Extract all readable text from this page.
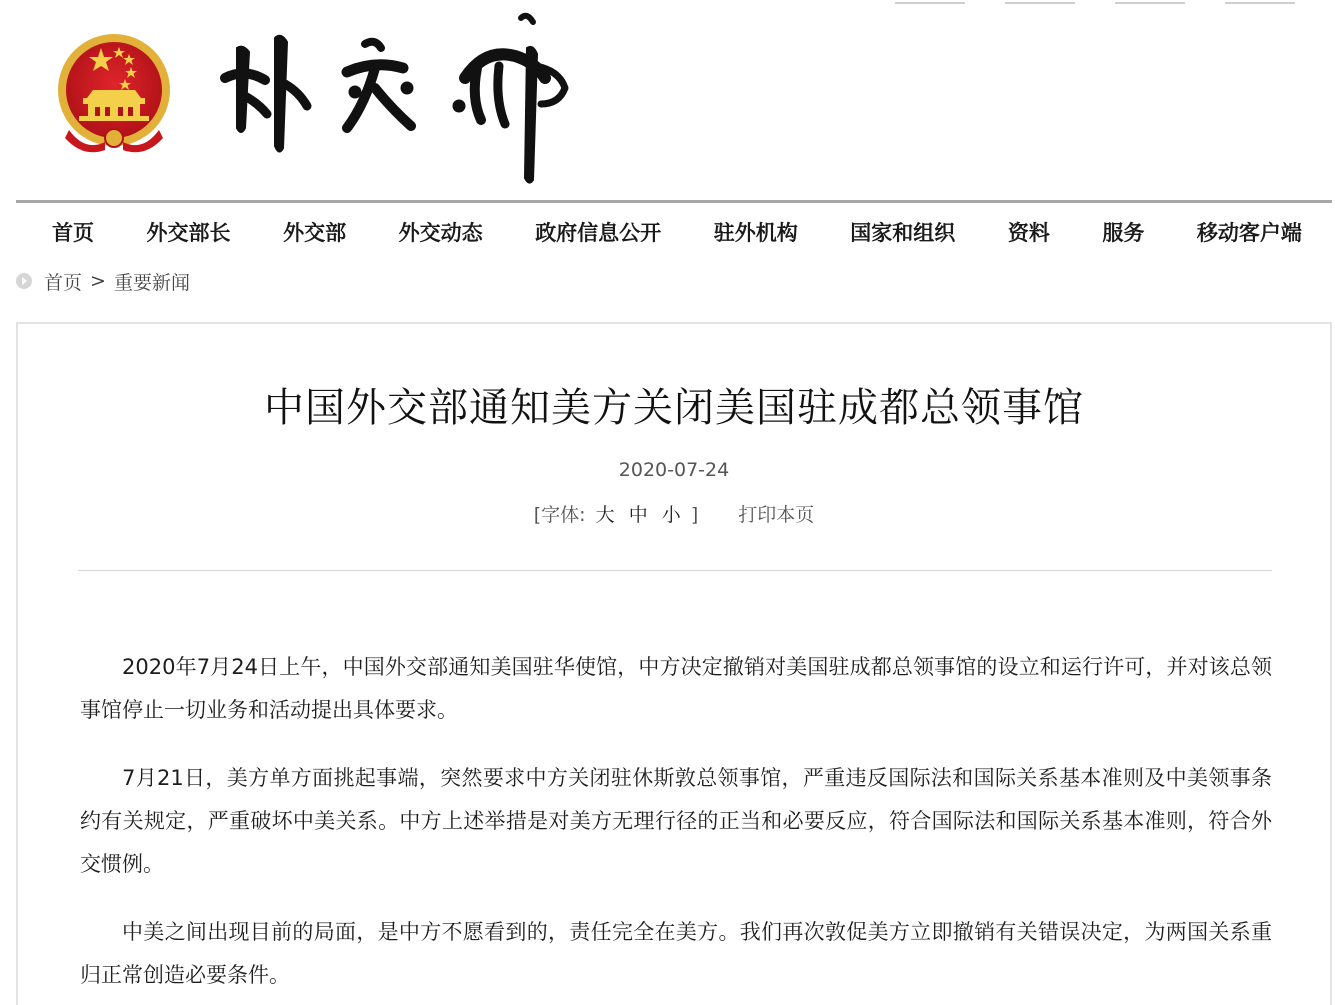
首页	外交部长	外交部	外交动态	政府信息公开	驻外机构	国家和组织	资料	服务	移动客户端
首页 > 重要新闻
中国外交部通知美方关闭美国驻成都总领事馆
2020-07-24
[字体: 大 中 小 ] 打印本页

2020年7月24日上午，中国外交部通知美国驻华使馆，中方决定撤销对美国驻成都总领事馆的设立和运行许可，并对该总领事馆停止一切业务和活动提出具体要求。

7月21日，美方单方面挑起事端，突然要求中方关闭驻休斯敦总领事馆，严重违反国际法和国际关系基本准则及中美领事条约有关规定，严重破坏中美关系。中方上述举措是对美方无理行径的正当和必要反应，符合国际法和国际关系基本准则，符合外交惯例。

中美之间出现目前的局面，是中方不愿看到的，责任完全在美方。我们再次敦促美方立即撤销有关错误决定，为两国关系重归正常创造必要条件。
